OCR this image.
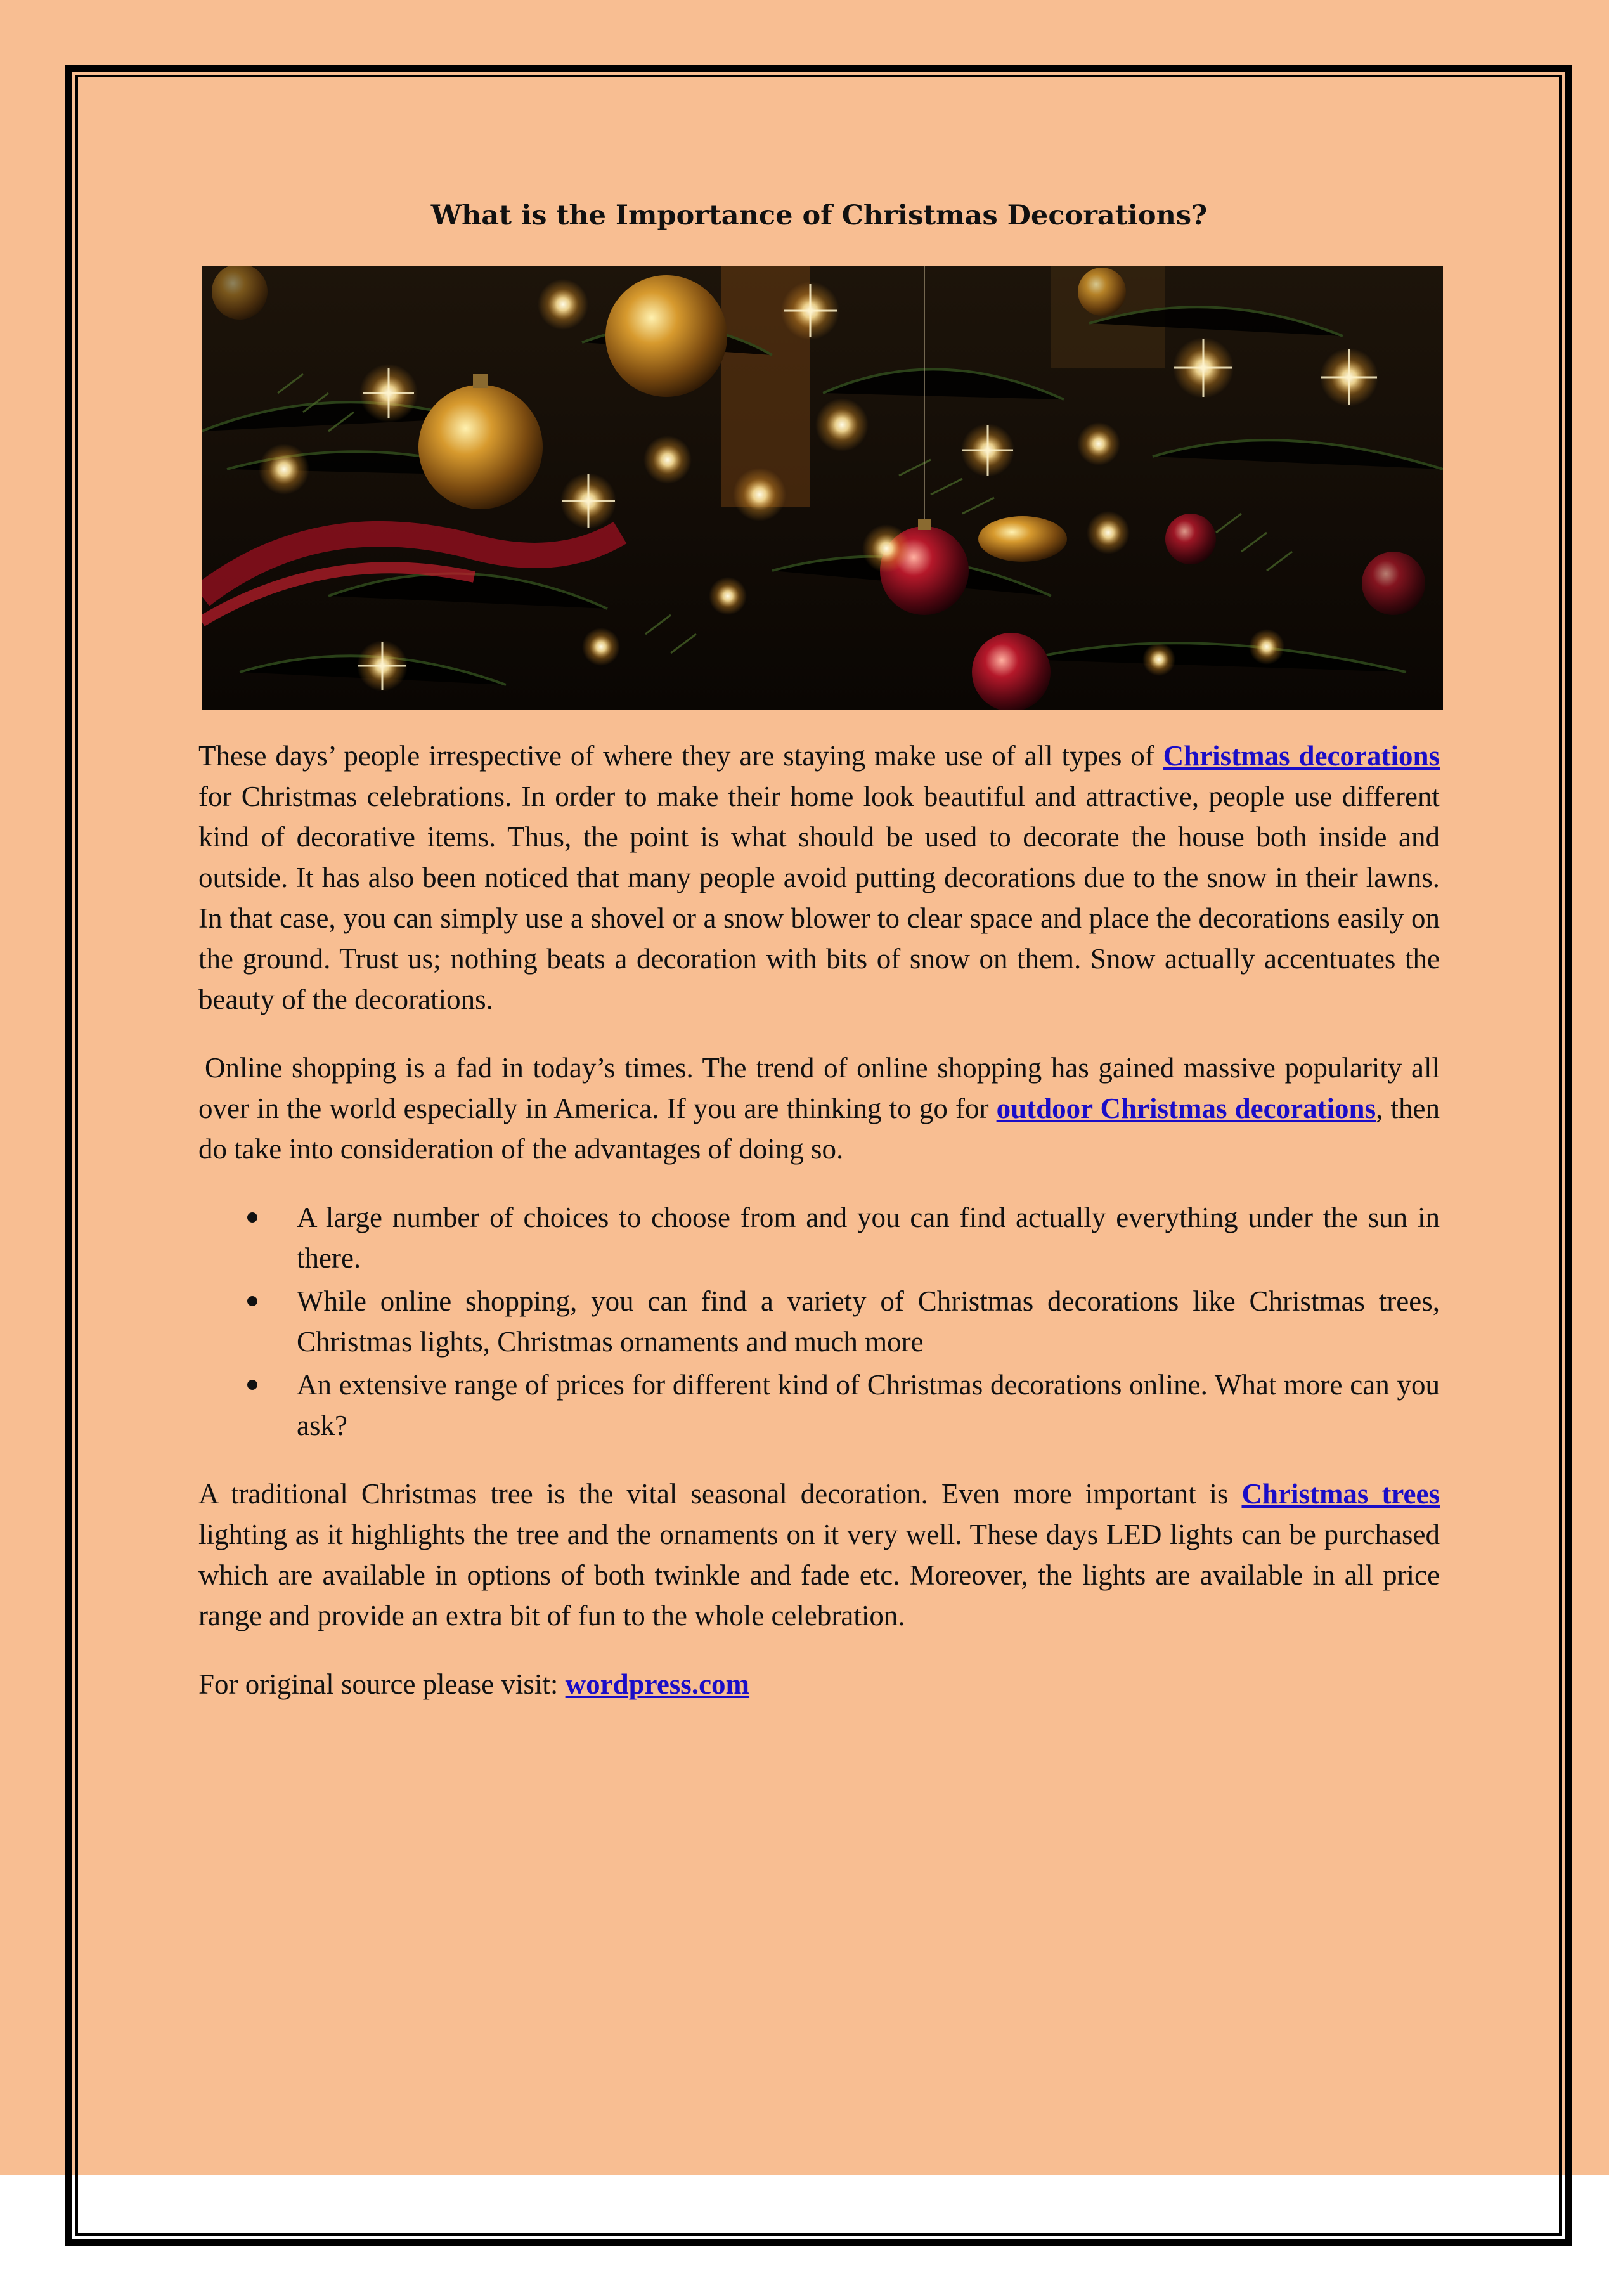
What is the Importance of Christmas Decorations?

These days’ people irrespective of where they are staying make use of all types of Christmas decorations for Christmas celebrations. In order to make their home look beautiful and attractive, people use different kind of decorative items. Thus, the point is what should be used to decorate the house both inside and outside. It has also been noticed that many people avoid putting decorations due to the snow in their lawns. In that case, you can simply use a shovel or a snow blower to clear space and place the decorations easily on the ground. Trust us; nothing beats a decoration with bits of snow on them. Snow actually accentuates the beauty of the decorations.

Online shopping is a fad in today’s times. The trend of online shopping has gained massive popularity all over in the world especially in America. If you are thinking to go for outdoor Christmas decorations, then do take into consideration of the advantages of doing so.

A large number of choices to choose from and you can find actually everything under the sun in there.
While online shopping, you can find a variety of Christmas decorations like Christmas trees, Christmas lights, Christmas ornaments and much more
An extensive range of prices for different kind of Christmas decorations online. What more can you ask?

A traditional Christmas tree is the vital seasonal decoration. Even more important is Christmas trees lighting as it highlights the tree and the ornaments on it very well. These days LED lights can be purchased which are available in options of both twinkle and fade etc. Moreover, the lights are available in all price range and provide an extra bit of fun to the whole celebration.

For original source please visit: wordpress.com
